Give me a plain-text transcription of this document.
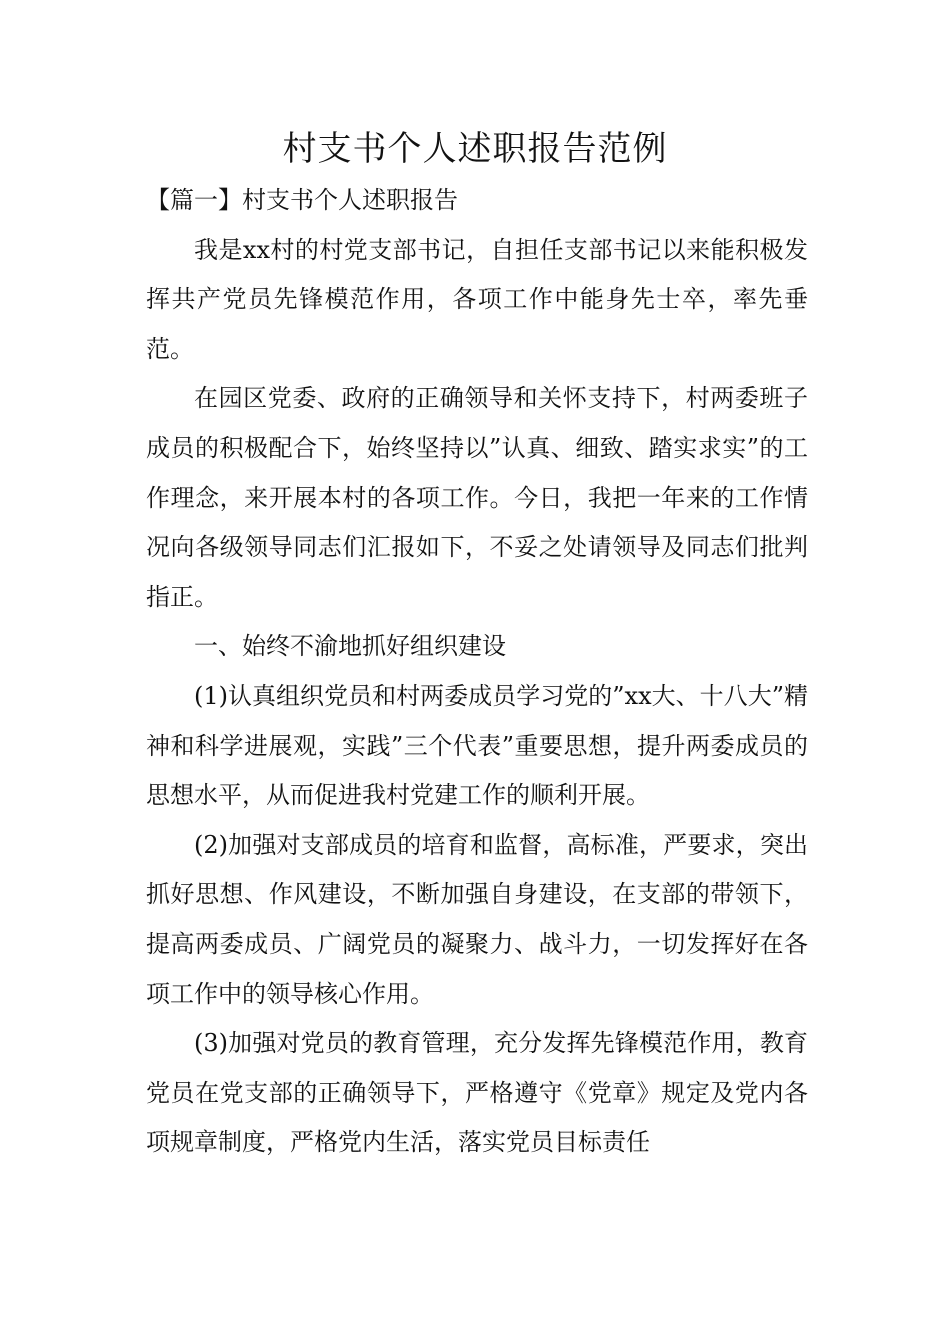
村支书个人述职报告范例

【篇一】村支书个人述职报告

我是xx村的村党支部书记，自担任支部书记以来能积极发挥共产党员先锋模范作用，各项工作中能身先士卒，率先垂范。

在园区党委、政府的正确领导和关怀支持下，村两委班子成员的积极配合下，始终坚持以”认真、细致、踏实求实”的工作理念，来开展本村的各项工作。今日，我把一年来的工作情况向各级领导同志们汇报如下，不妥之处请领导及同志们批判指正。

一、始终不渝地抓好组织建设

(1)认真组织党员和村两委成员学习党的”xx大、十八大”精神和科学进展观，实践”三个代表”重要思想，提升两委成员的思想水平，从而促进我村党建工作的顺利开展。

(2)加强对支部成员的培育和监督，高标准，严要求，突出抓好思想、作风建设，不断加强自身建设，在支部的带领下，提高两委成员、广阔党员的凝聚力、战斗力，一切发挥好在各项工作中的领导核心作用。

(3)加强对党员的教育管理，充分发挥先锋模范作用，教育党员在党支部的正确领导下，严格遵守《党章》规定及党内各项规章制度，严格党内生活，落实党员目标责任
